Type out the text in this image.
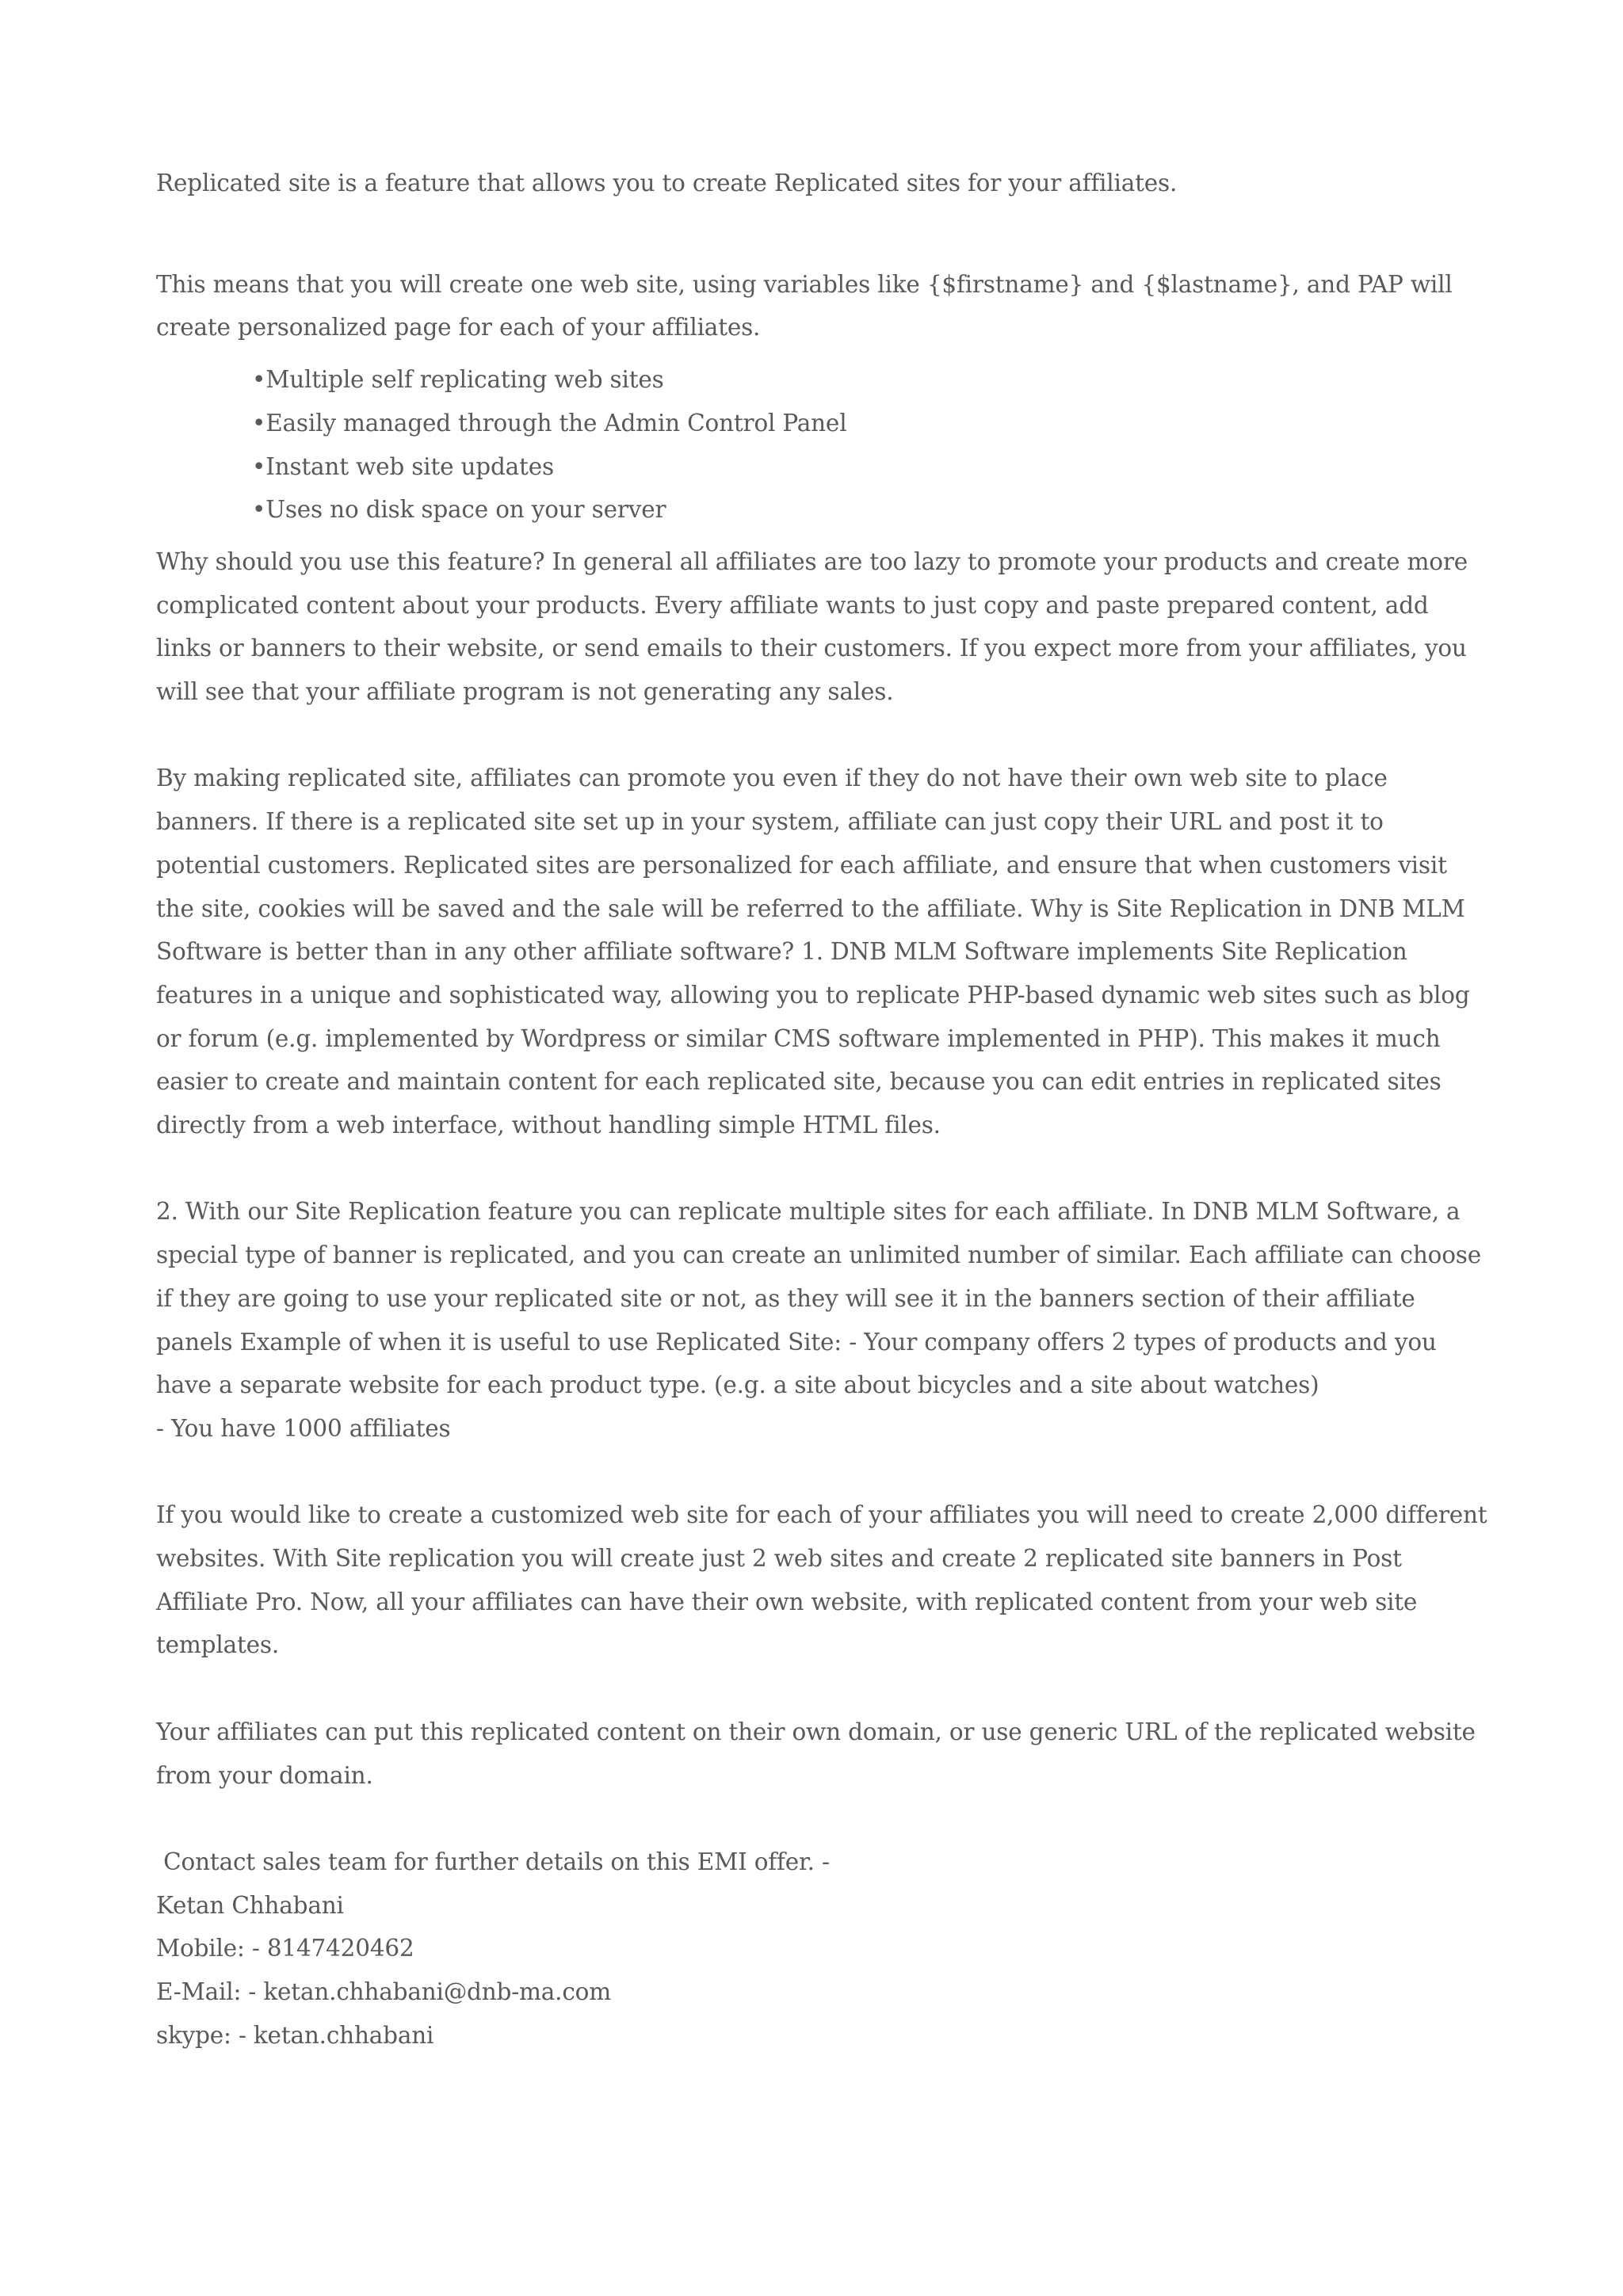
Replicated site is a feature that allows you to create Replicated sites for your affiliates.

This means that you will create one web site, using variables like {$firstname} and {$lastname}, and PAP will create personalized page for each of your affiliates.

•Multiple self replicating web sites
•Easily managed through the Admin Control Panel
•Instant web site updates
•Uses no disk space on your server

Why should you use this feature? In general all affiliates are too lazy to promote your products and create more complicated content about your products. Every affiliate wants to just copy and paste prepared content, add links or banners to their website, or send emails to their customers. If you expect more from your affiliates, you will see that your affiliate program is not generating any sales.

By making replicated site, affiliates can promote you even if they do not have their own web site to place banners. If there is a replicated site set up in your system, affiliate can just copy their URL and post it to potential customers. Replicated sites are personalized for each affiliate, and ensure that when customers visit the site, cookies will be saved and the sale will be referred to the affiliate. Why is Site Replication in DNB MLM Software is better than in any other affiliate software? 1. DNB MLM Software implements Site Replication features in a unique and sophisticated way, allowing you to replicate PHP-based dynamic web sites such as blog or forum (e.g. implemented by Wordpress or similar CMS software implemented in PHP). This makes it much easier to create and maintain content for each replicated site, because you can edit entries in replicated sites directly from a web interface, without handling simple HTML files.

2. With our Site Replication feature you can replicate multiple sites for each affiliate. In DNB MLM Software, a special type of banner is replicated, and you can create an unlimited number of similar. Each affiliate can choose if they are going to use your replicated site or not, as they will see it in the banners section of their affiliate panels Example of when it is useful to use Replicated Site: - Your company offers 2 types of products and you have a separate website for each product type. (e.g. a site about bicycles and a site about watches)

- You have 1000 affiliates

If you would like to create a customized web site for each of your affiliates you will need to create 2,000 different websites. With Site replication you will create just 2 web sites and create 2 replicated site banners in Post Affiliate Pro. Now, all your affiliates can have their own website, with replicated content from your web site templates.

Your affiliates can put this replicated content on their own domain, or use generic URL of the replicated website from your domain.

Contact sales team for further details on this EMI offer. -
Ketan Chhabani
Mobile: - 8147420462
E-Mail: - ketan.chhabani@dnb-ma.com
skype: - ketan.chhabani
